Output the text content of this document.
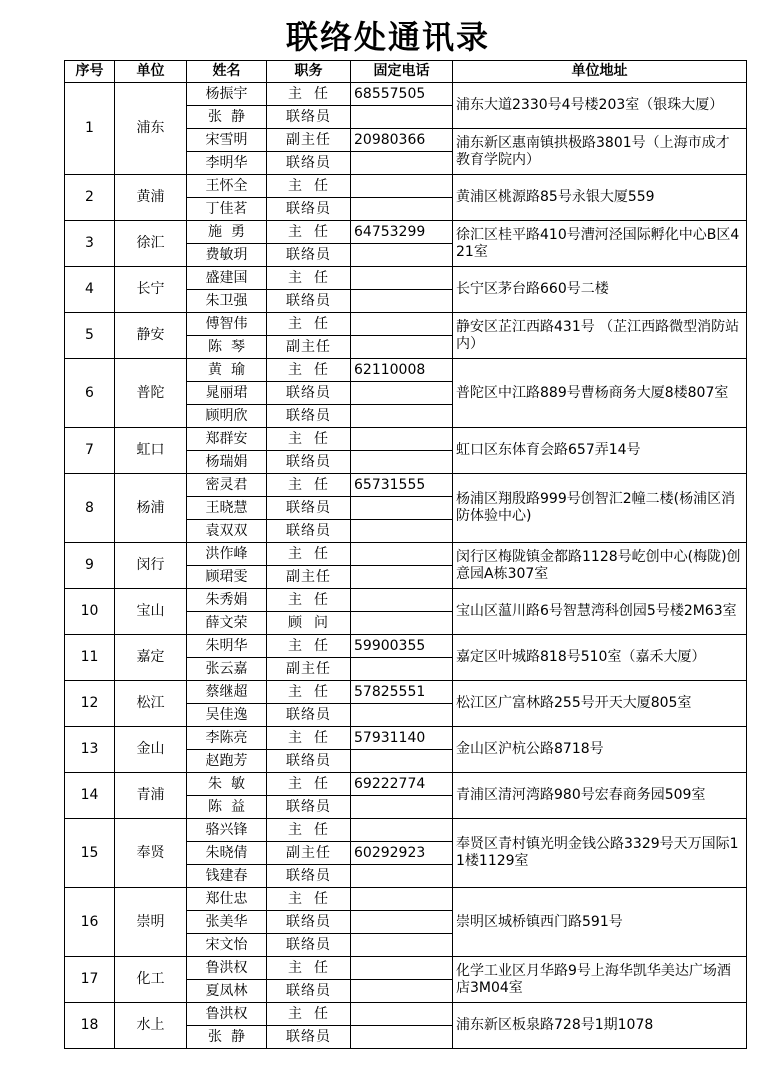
联络处通讯录
序号	单位	姓名	职务	固定电话	单位地址
1	浦东	杨振宇	主  任	68557505	浦东大道2330号4号楼203室（银珠大厦）
		张  静	联络员		
		宋雪明	副主任	20980366	浦东新区惠南镇拱极路3801号（上海市成才教育学院内）
		李明华	联络员		
2	黄浦	王怀全	主  任		黄浦区桃源路85号永银大厦559
		丁佳茗	联络员		
3	徐汇	施  勇	主  任	64753299	徐汇区桂平路410号漕河泾国际孵化中心B区421室
		费敏玥	联络员		
4	长宁	盛建国	主  任		长宁区茅台路660号二楼
		朱卫强	联络员		
5	静安	傅智伟	主  任		静安区芷江西路431号 （芷江西路微型消防站内）
		陈  琴	副主任		
6	普陀	黄  瑜	主  任	62110008	普陀区中江路889号曹杨商务大厦8楼807室
		晁丽珺	联络员		
		顾明欣	联络员		
7	虹口	郑群安	主  任		虹口区东体育会路657弄14号
		杨瑞娟	联络员		
8	杨浦	密灵君	主  任	65731555	杨浦区翔殷路999号创智汇2幢二楼(杨浦区消防体验中心)
		王晓慧	联络员		
		袁双双	联络员		
9	闵行	洪作峰	主  任		闵行区梅陇镇金都路1128号屹创中心(梅陇)创意园A栋307室
		顾珺雯	副主任		
10	宝山	朱秀娟	主  任		宝山区蕰川路6号智慧湾科创园5号楼2M63室
		薛文荣	顾  问		
11	嘉定	朱明华	主  任	59900355	嘉定区叶城路818号510室（嘉禾大厦）
		张云嘉	副主任		
12	松江	蔡继超	主  任	57825551	松江区广富林路255号开天大厦805室
		吴佳逸	联络员		
13	金山	李陈亮	主  任	57931140	金山区沪杭公路8718号
		赵跑芳	联络员		
14	青浦	朱  敏	主  任	69222774	青浦区清河湾路980号宏春商务园509室
		陈  益	联络员		
15	奉贤	骆兴锋	主  任		奉贤区青村镇光明金钱公路3329号天万国际11楼1129室
		朱晓倩	副主任	60292923	
		钱建春	联络员		
16	崇明	郑仕忠	主  任		崇明区城桥镇西门路591号
		张美华	联络员		
		宋文怡	联络员		
17	化工	鲁洪权	主  任		化学工业区月华路9号上海华凯华美达广场酒店3M04室
		夏凤林	联络员		
18	水上	鲁洪权	主  任		浦东新区板泉路728号1期1078
		张  静	联络员		
